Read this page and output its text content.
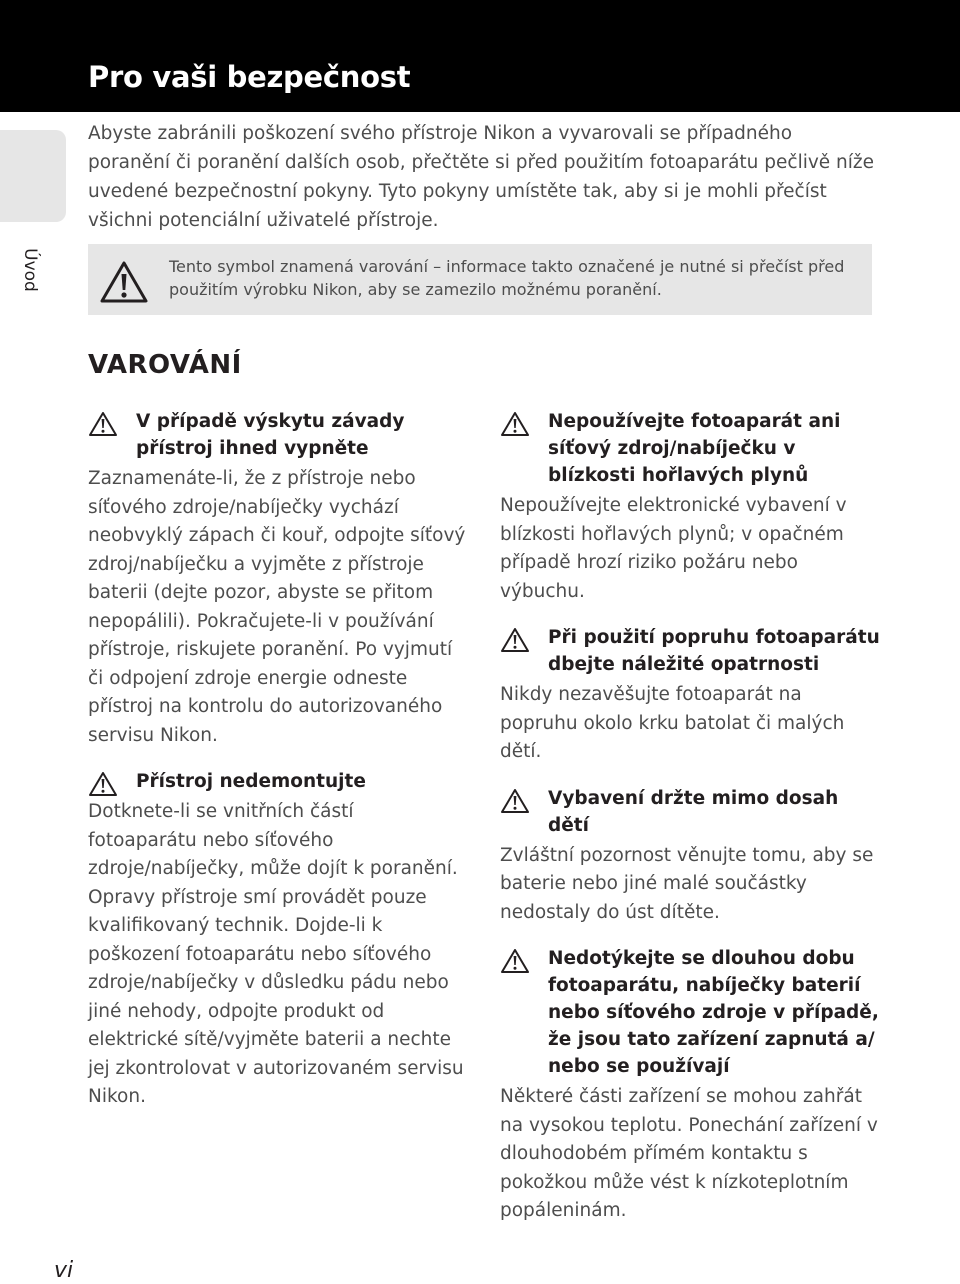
Pro vaši bezpečnost
Úvod

Abyste zabránili poškození svého přístroje Nikon a vyvarovali se případného poranění či poranění dalších osob, přečtěte si před použitím fotoaparátu pečlivě níže uvedené bezpečnostní pokyny. Tyto pokyny umístěte tak, aby si je mohli přečíst všichni potenciální uživatelé přístroje.

Tento symbol znamená varování – informace takto označené je nutné si přečíst před použitím výrobku Nikon, aby se zamezilo možnému poranění.

VAROVÁNÍ
V případě výskytu závady přístroj ihned vypněte

Zaznamenáte-li, že z přístroje nebo síťového zdroje/nabíječky vychází neobvyklý zápach či kouř, odpojte síťový zdroj/nabíječku a vyjměte z přístroje baterii (dejte pozor, abyste se přitom nepopálili). Pokračujete-li v používání přístroje, riskujete poranění. Po vyjmutí či odpojení zdroje energie odneste přístroj na kontrolu do autorizovaného servisu Nikon.

Přístroj nedemontujte

Dotknete-li se vnitřních částí fotoaparátu nebo síťového zdroje/nabíječky, může dojít k poranění. Opravy přístroje smí provádět pouze kvalifikovaný technik. Dojde-li k poškození fotoaparátu nebo síťového zdroje/nabíječky v důsledku pádu nebo jiné nehody, odpojte produkt od elektrické sítě/vyjměte baterii a nechte jej zkontrolovat v autorizovaném servisu Nikon.

Nepoužívejte fotoaparát ani síťový zdroj/nabíječku v blízkosti hořlavých plynů

Nepoužívejte elektronické vybavení v blízkosti hořlavých plynů; v opačném případě hrozí riziko požáru nebo výbuchu.

Při použití popruhu fotoaparátu dbejte náležité opatrnosti

Nikdy nezavěšujte fotoaparát na popruhu okolo krku batolat či malých dětí.

Vybavení držte mimo dosah dětí

Zvláštní pozornost věnujte tomu, aby se baterie nebo jiné malé součástky nedostaly do úst dítěte.

Nedotýkejte se dlouhou dobu fotoaparátu, nabíječky baterií nebo síťového zdroje v případě, že jsou tato zařízení zapnutá a/ nebo se používají

Některé části zařízení se mohou zahřát na vysokou teplotu. Ponechání zařízení v dlouhodobém přímém kontaktu s pokožkou může vést k nízkoteplotním popáleninám.

vi
